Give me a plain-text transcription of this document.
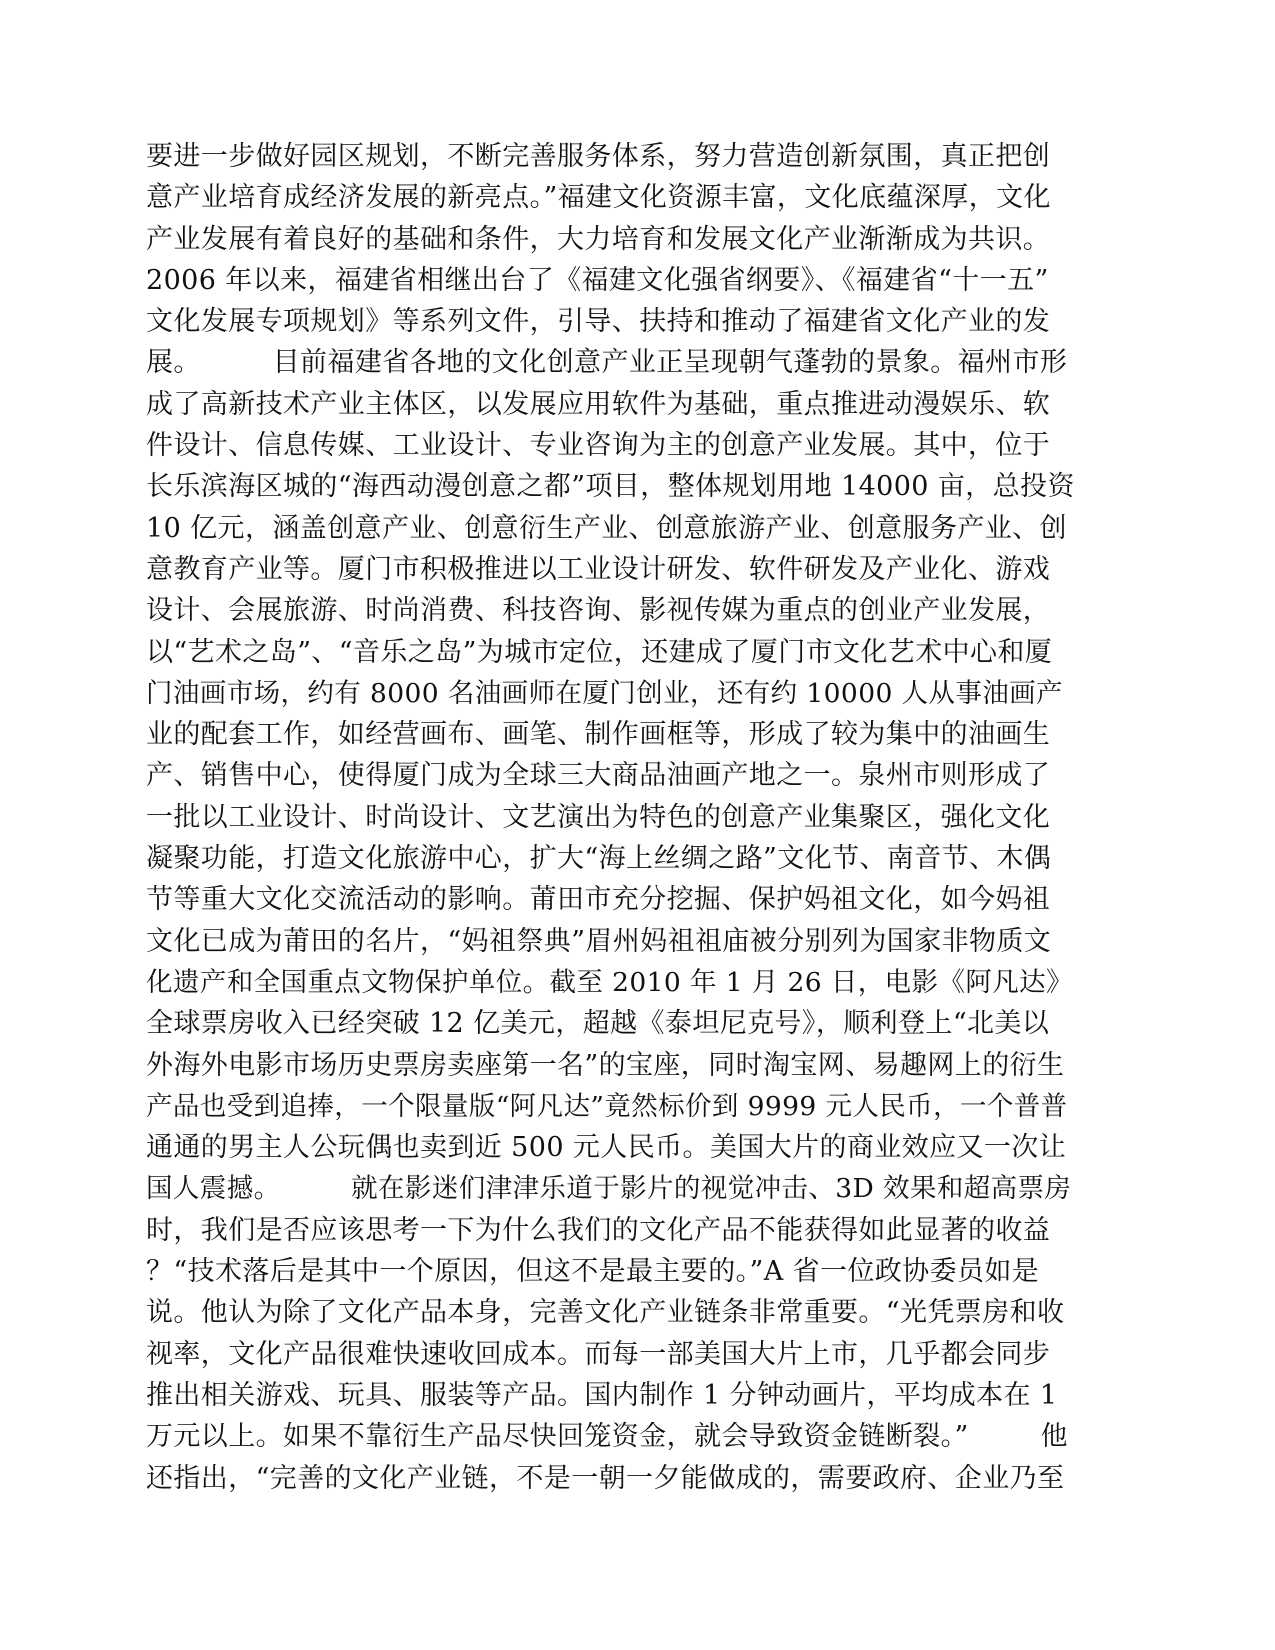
要进一步做好园区规划，不断完善服务体系，努力营造创新氛围，真正把创
意产业培育成经济发展的新亮点。”福建文化资源丰富，文化底蕴深厚，文化
产业发展有着良好的基础和条件，大力培育和发展文化产业渐渐成为共识。
2006 年以来，福建省相继出台了《福建文化强省纲要》、《福建省“十一五”
文化发展专项规划》等系列文件，引导、扶持和推动了福建省文化产业的发
展。        目前福建省各地的文化创意产业正呈现朝气蓬勃的景象。福州市形
成了高新技术产业主体区，以发展应用软件为基础，重点推进动漫娱乐、软
件设计、信息传媒、工业设计、专业咨询为主的创意产业发展。其中，位于
长乐滨海区城的“海西动漫创意之都”项目，整体规划用地 14000 亩，总投资
10 亿元，涵盖创意产业、创意衍生产业、创意旅游产业、创意服务产业、创
意教育产业等。厦门市积极推进以工业设计研发、软件研发及产业化、游戏
设计、会展旅游、时尚消费、科技咨询、影视传媒为重点的创业产业发展，
以“艺术之岛”、“音乐之岛”为城市定位，还建成了厦门市文化艺术中心和厦
门油画市场，约有 8000 名油画师在厦门创业，还有约 10000 人从事油画产
业的配套工作，如经营画布、画笔、制作画框等，形成了较为集中的油画生
产、销售中心，使得厦门成为全球三大商品油画产地之一。泉州市则形成了
一批以工业设计、时尚设计、文艺演出为特色的创意产业集聚区，强化文化
凝聚功能，打造文化旅游中心，扩大“海上丝绸之路”文化节、南音节、木偶
节等重大文化交流活动的影响。莆田市充分挖掘、保护妈祖文化，如今妈祖
文化已成为莆田的名片，“妈祖祭典”眉州妈祖祖庙被分别列为国家非物质文
化遗产和全国重点文物保护单位。截至 2010 年 1 月 26 日，电影《阿凡达》
全球票房收入已经突破 12 亿美元，超越《泰坦尼克号》，顺利登上“北美以
外海外电影市场历史票房卖座第一名”的宝座，同时淘宝网、易趣网上的衍生
产品也受到追捧，一个限量版“阿凡达”竟然标价到 9999 元人民币，一个普普
通通的男主人公玩偶也卖到近 500 元人民币。美国大片的商业效应又一次让
国人震撼。        就在影迷们津津乐道于影片的视觉冲击、3D 效果和超高票房
时，我们是否应该思考一下为什么我们的文化产品不能获得如此显著的收益
？“技术落后是其中一个原因，但这不是最主要的。”A 省一位政协委员如是
说。他认为除了文化产品本身，完善文化产业链条非常重要。“光凭票房和收
视率，文化产品很难快速收回成本。而每一部美国大片上市，几乎都会同步
推出相关游戏、玩具、服装等产品。国内制作 1 分钟动画片，平均成本在 1
万元以上。如果不靠衍生产品尽快回笼资金，就会导致资金链断裂。”        他
还指出，“完善的文化产业链，不是一朝一夕能做成的，需要政府、企业乃至
